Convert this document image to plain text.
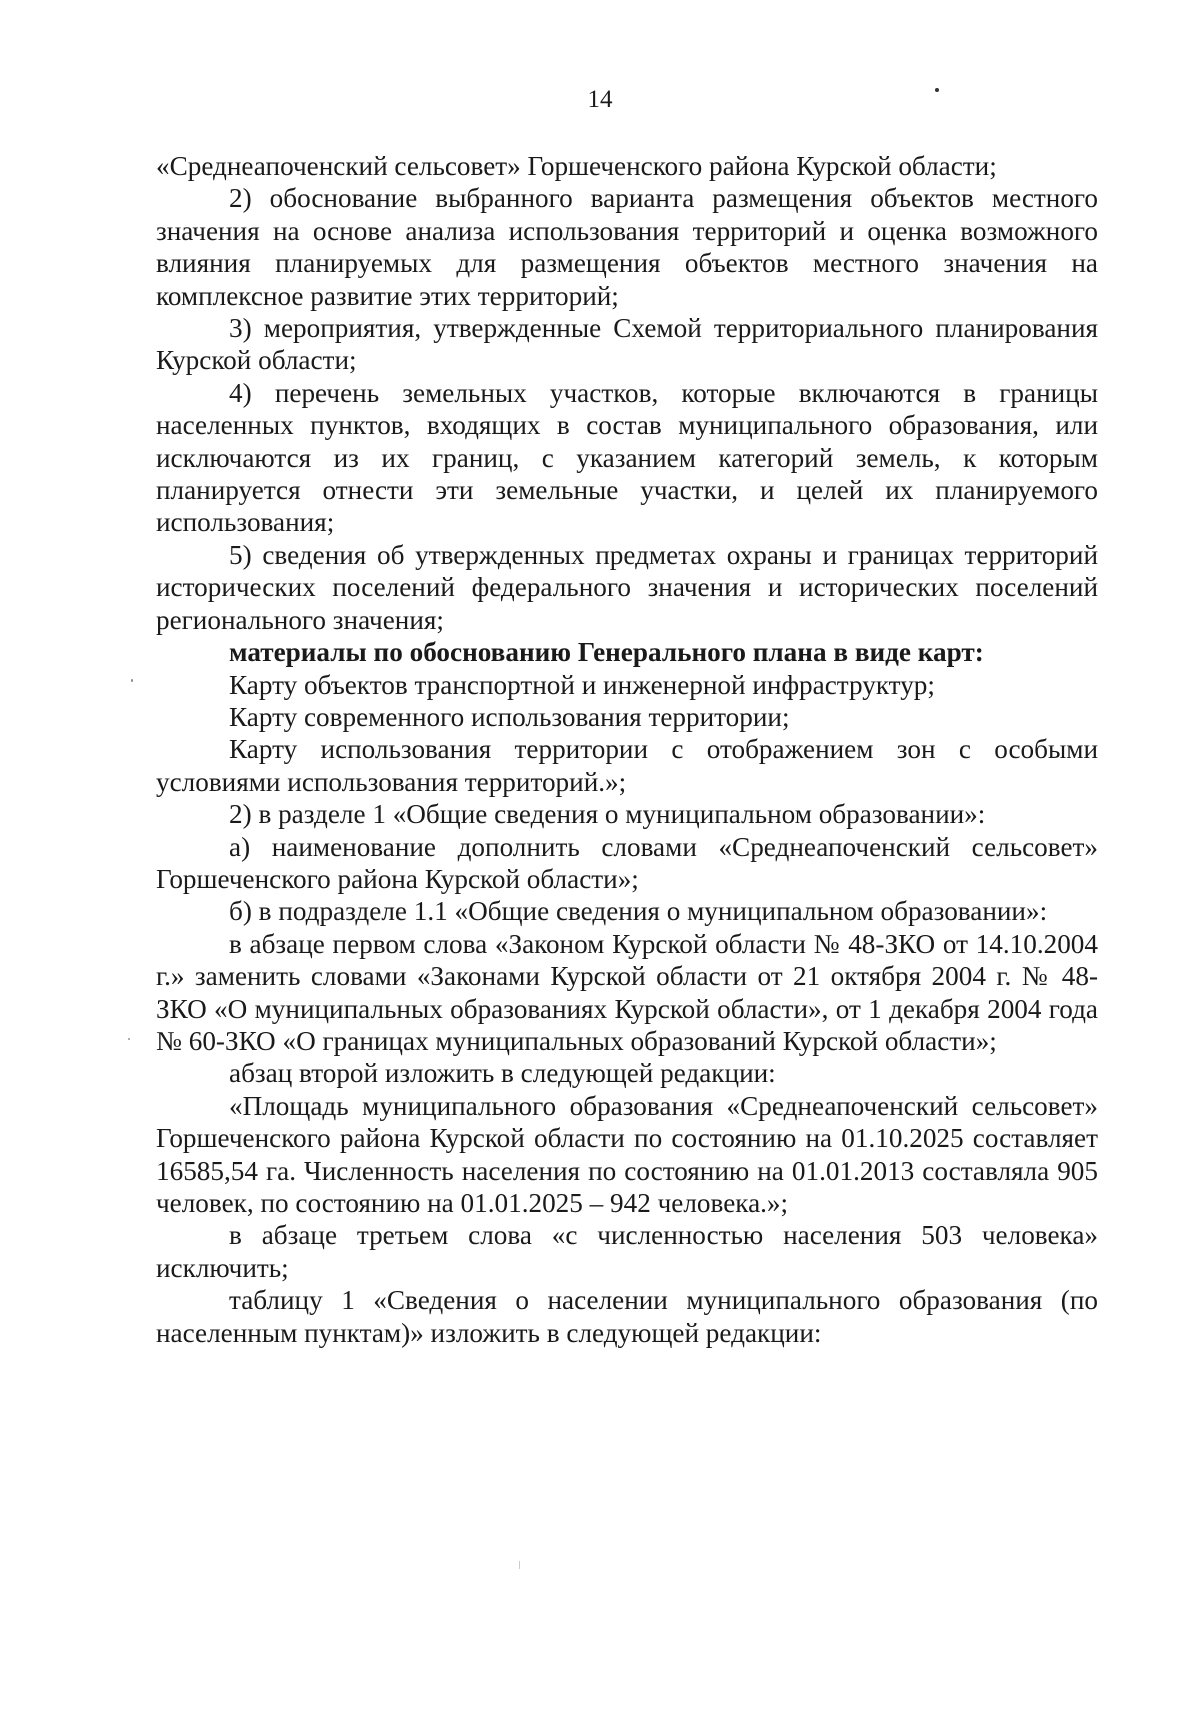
14

«Среднеапоченский сельсовет» Горшеченского района Курской области;

2) обоснование выбранного варианта размещения объектов местного значения на основе анализа использования территорий и оценка возможного влияния планируемых для размещения объектов местного значения на комплексное развитие этих территорий;

3) мероприятия, утвержденные Схемой территориального планирования Курской области;

4) перечень земельных участков, которые включаются в границы населенных пунктов, входящих в состав муниципального образования, или исключаются из их границ, с указанием категорий земель, к которым планируется отнести эти земельные участки, и целей их планируемого использования;

5) сведения об утвержденных предметах охраны и границах территорий исторических поселений федерального значения и исторических поселений регионального значения;

материалы по обоснованию Генерального плана в виде карт:

Карту объектов транспортной и инженерной инфраструктур;

Карту современного использования территории;

Карту использования территории с отображением зон с особыми условиями использования территорий.»;

2) в разделе 1 «Общие сведения о муниципальном образовании»:

а) наименование дополнить словами «Среднеапоченский сельсовет» Горшеченского района Курской области»;

б) в подразделе 1.1 «Общие сведения о муниципальном образовании»:

в абзаце первом слова «Законом Курской области № 48-ЗКО от 14.10.2004 г.» заменить словами «Законами Курской области от 21 октября 2004 г. № 48-ЗКО «О муниципальных образованиях Курской области», от 1 декабря 2004 года № 60-ЗКО «О границах муниципальных образований Курской области»;

абзац второй изложить в следующей редакции:

«Площадь муниципального образования «Среднеапоченский сельсовет» Горшеченского района Курской области по состоянию на 01.10.2025 составляет 16585,54 га. Численность населения по состоянию на 01.01.2013 составляла 905 человек, по состоянию на 01.01.2025 – 942 человека.»;

в абзаце третьем слова «с численностью населения 503 человека» исключить;

таблицу 1 «Сведения о населении муниципального образования (по населенным пунктам)» изложить в следующей редакции:
